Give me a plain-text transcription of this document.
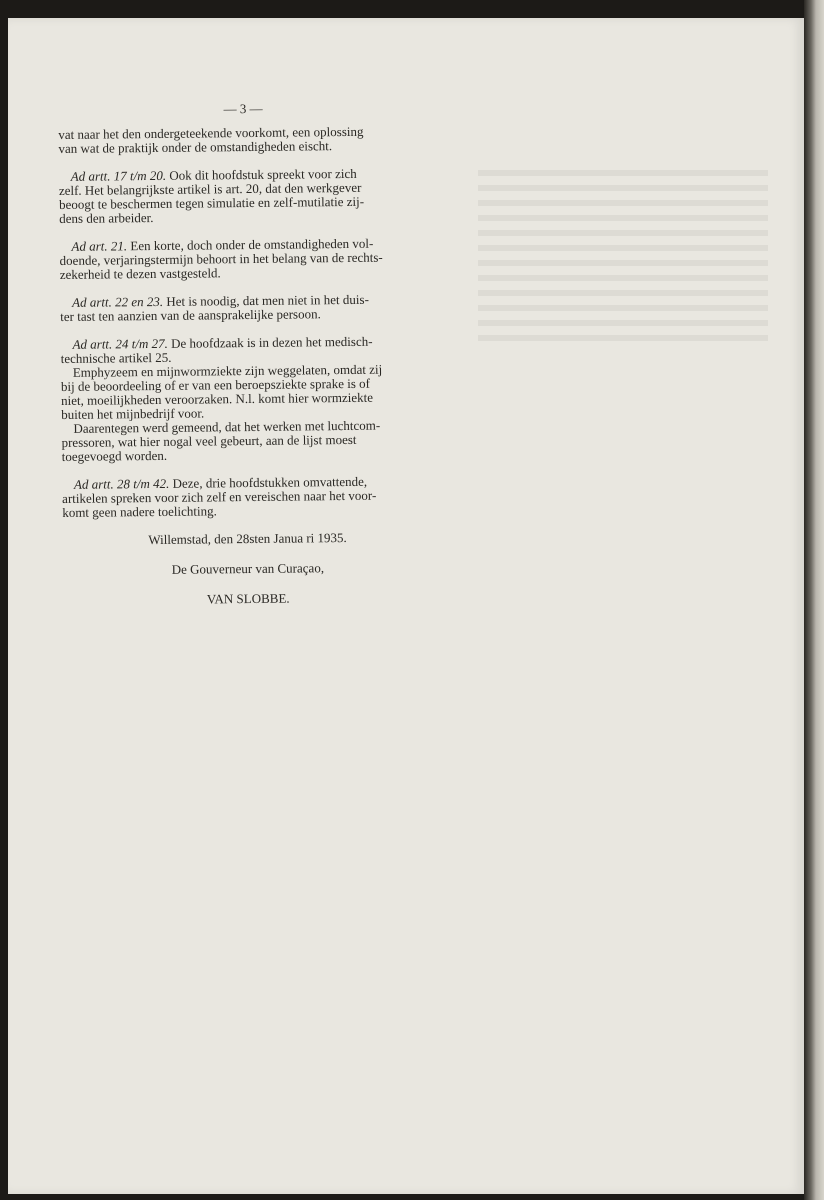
— 3 —

vat naar het den ondergeteekende voorkomt, een oplossing
van wat de praktijk onder de omstandigheden eischt.

Ad artt. 17 t/m 20. Ook dit hoofdstuk spreekt voor zich
zelf. Het belangrijkste artikel is art. 20, dat den werkgever
beoogt te beschermen tegen simulatie en zelf-mutilatie zij-
dens den arbeider.

Ad art. 21. Een korte, doch onder de omstandigheden vol-
doende, verjaringstermijn behoort in het belang van de rechts-
zekerheid te dezen vastgesteld.

Ad artt. 22 en 23. Het is noodig, dat men niet in het duis-
ter tast ten aanzien van de aansprakelijke persoon.

Ad artt. 24 t/m 27. De hoofdzaak is in dezen het medisch-
technische artikel 25.
Emphyzeem en mijnwormziekte zijn weggelaten, omdat zij
bij de beoordeeling of er van een beroepsziekte sprake is of
niet, moeilijkheden veroorzaken. N.l. komt hier wormziekte
buiten het mijnbedrijf voor.
Daarentegen werd gemeend, dat het werken met luchtcom-
pressoren, wat hier nogal veel gebeurt, aan de lijst moest
toegevoegd worden.

Ad artt. 28 t/m 42. Deze, drie hoofdstukken omvattende,
artikelen spreken voor zich zelf en vereischen naar het voor-
komt geen nadere toelichting.

Willemstad, den 28sten Janua ri 1935.
De Gouverneur van Curaçao,
VAN SLOBBE.
